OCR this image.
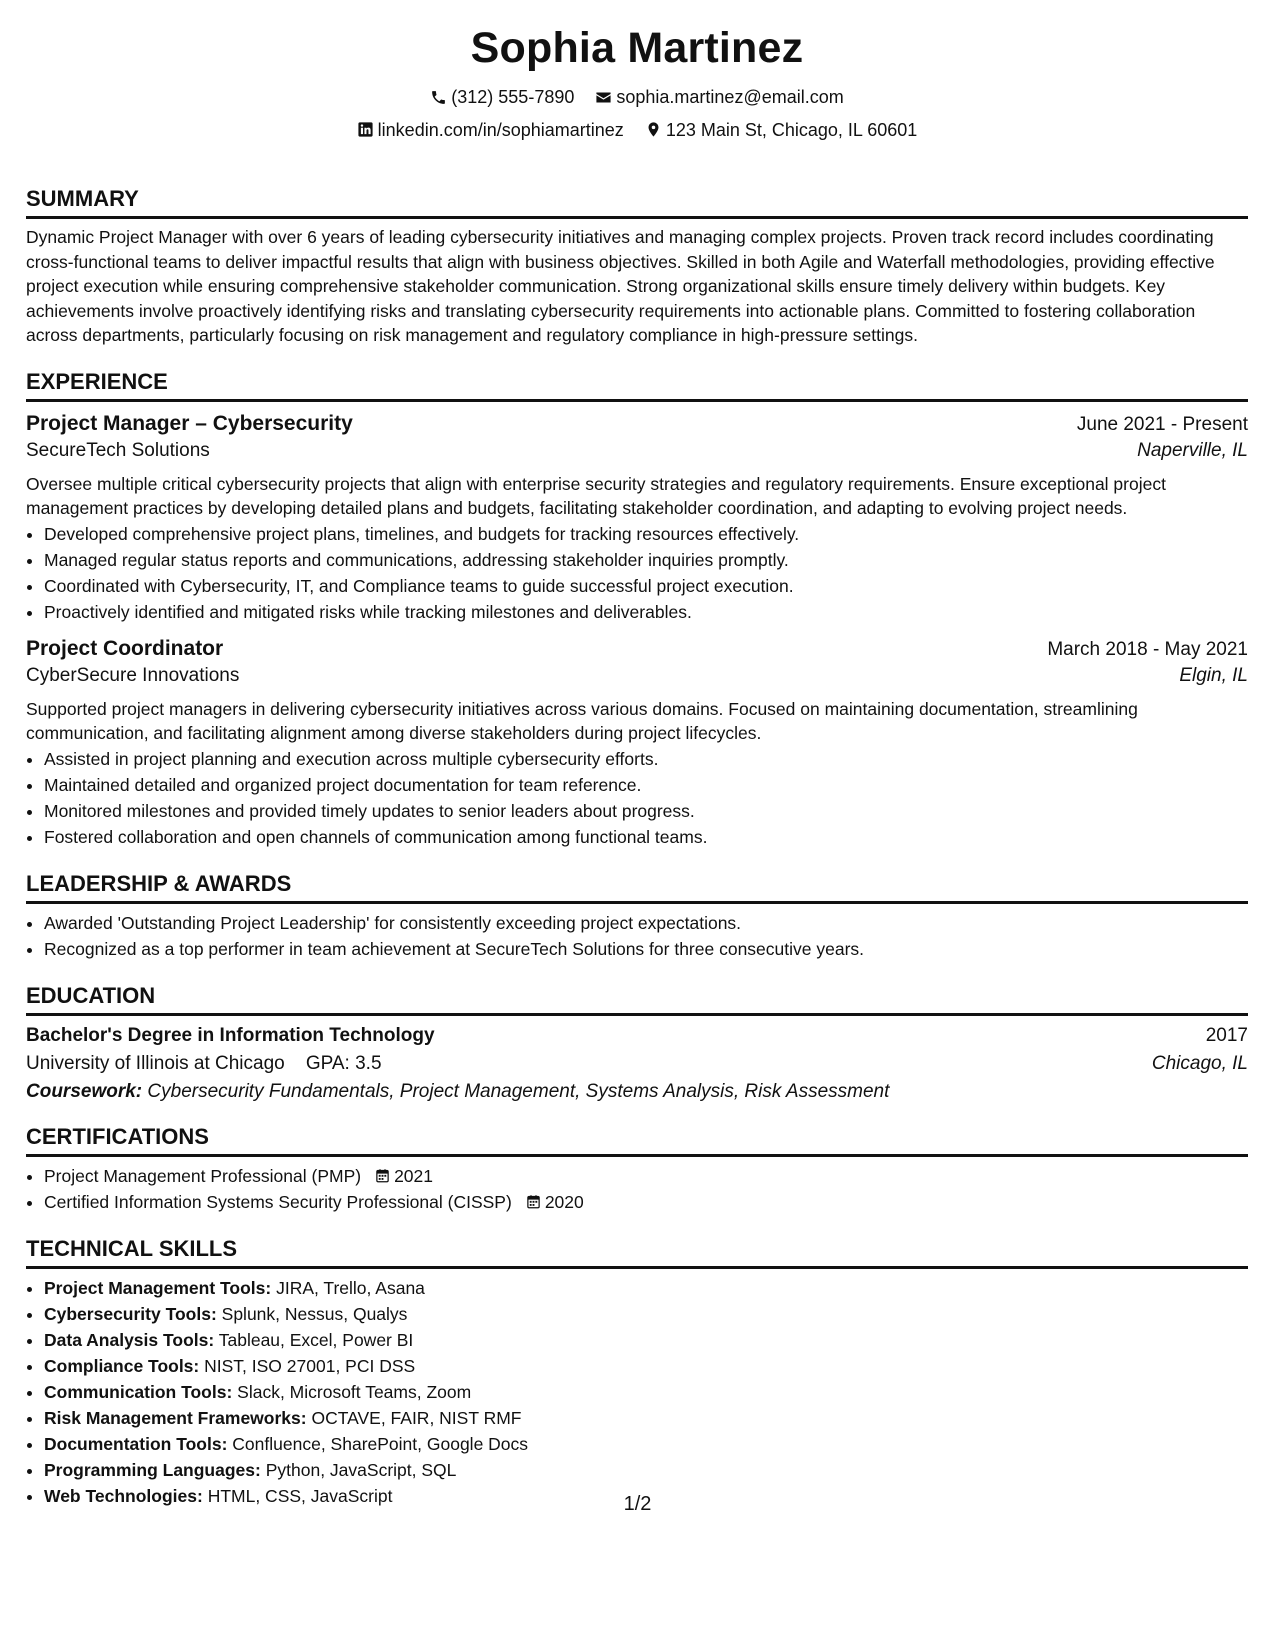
Sophia Martinez
(312) 555-7890
sophia.martinez@email.com
linkedin.com/in/sophiamartinez
123 Main St, Chicago, IL 60601
SUMMARY
Dynamic Project Manager with over 6 years of leading cybersecurity initiatives and managing complex projects. Proven track record includes coordinating cross-functional teams to deliver impactful results that align with business objectives. Skilled in both Agile and Waterfall methodologies, providing effective project execution while ensuring comprehensive stakeholder communication. Strong organizational skills ensure timely delivery within budgets. Key achievements involve proactively identifying risks and translating cybersecurity requirements into actionable plans. Committed to fostering collaboration across departments, particularly focusing on risk management and regulatory compliance in high-pressure settings.
EXPERIENCE
Project Manager – Cybersecurity	June 2021 - Present
SecureTech Solutions	Naperville, IL
Oversee multiple critical cybersecurity projects that align with enterprise security strategies and regulatory requirements. Ensure exceptional project management practices by developing detailed plans and budgets, facilitating stakeholder coordination, and adapting to evolving project needs.
• Developed comprehensive project plans, timelines, and budgets for tracking resources effectively.
• Managed regular status reports and communications, addressing stakeholder inquiries promptly.
• Coordinated with Cybersecurity, IT, and Compliance teams to guide successful project execution.
• Proactively identified and mitigated risks while tracking milestones and deliverables.
Project Coordinator	March 2018 - May 2021
CyberSecure Innovations	Elgin, IL
Supported project managers in delivering cybersecurity initiatives across various domains. Focused on maintaining documentation, streamlining communication, and facilitating alignment among diverse stakeholders during project lifecycles.
• Assisted in project planning and execution across multiple cybersecurity efforts.
• Maintained detailed and organized project documentation for team reference.
• Monitored milestones and provided timely updates to senior leaders about progress.
• Fostered collaboration and open channels of communication among functional teams.
LEADERSHIP & AWARDS
• Awarded 'Outstanding Project Leadership' for consistently exceeding project expectations.
• Recognized as a top performer in team achievement at SecureTech Solutions for three consecutive years.
EDUCATION
Bachelor's Degree in Information Technology	2017
University of Illinois at Chicago GPA: 3.5	Chicago, IL
Coursework: Cybersecurity Fundamentals, Project Management, Systems Analysis, Risk Assessment
CERTIFICATIONS
• Project Management Professional (PMP) 2021
• Certified Information Systems Security Professional (CISSP) 2020
TECHNICAL SKILLS
• Project Management Tools: JIRA, Trello, Asana
• Cybersecurity Tools: Splunk, Nessus, Qualys
• Data Analysis Tools: Tableau, Excel, Power BI
• Compliance Tools: NIST, ISO 27001, PCI DSS
• Communication Tools: Slack, Microsoft Teams, Zoom
• Risk Management Frameworks: OCTAVE, FAIR, NIST RMF
• Documentation Tools: Confluence, SharePoint, Google Docs
• Programming Languages: Python, JavaScript, SQL
• Web Technologies: HTML, CSS, JavaScript	1/2
